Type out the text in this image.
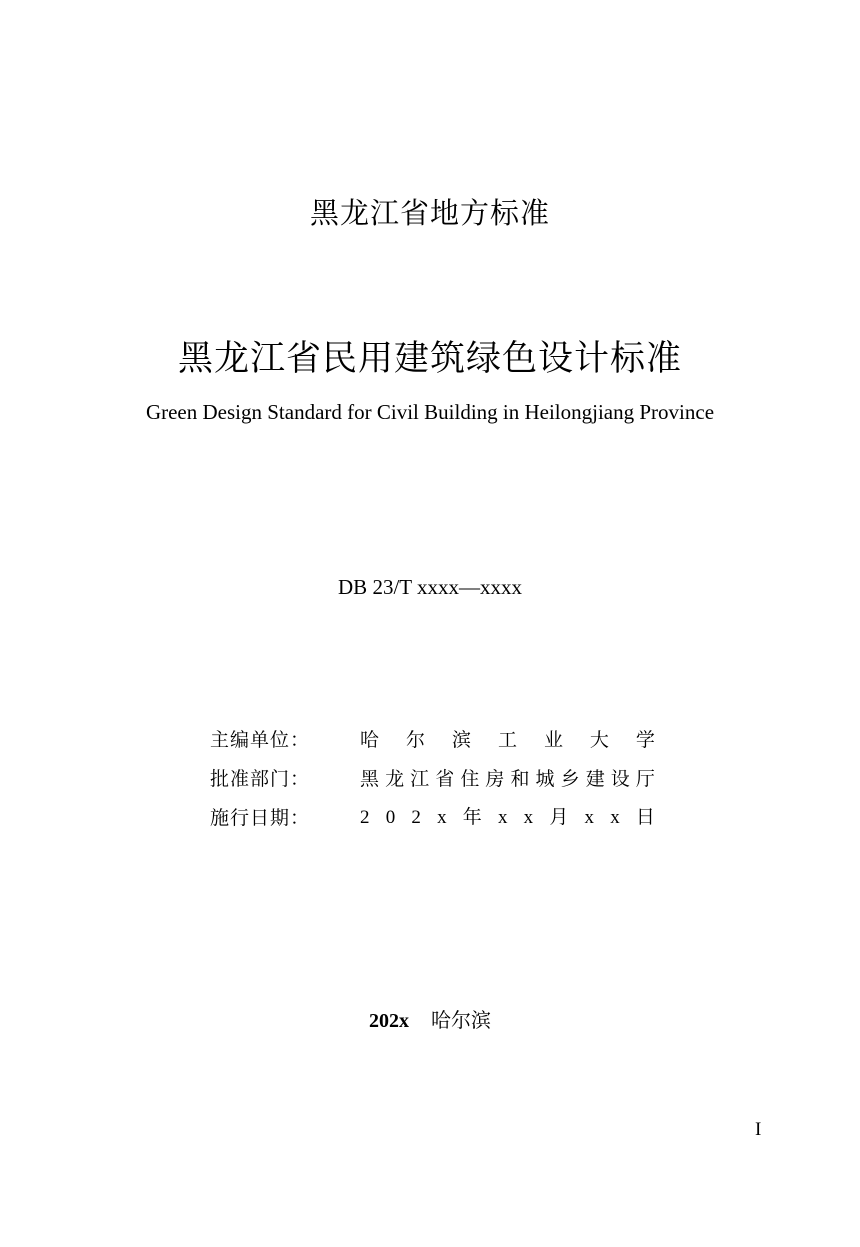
黑龙江省地方标准
黑龙江省民用建筑绿色设计标准
Green Design Standard for Civil Building in Heilongjiang Province
DB 23/T xxxx—xxxx
主编单位：	哈 尔 滨 工 业 大 学
批准部门：	黑 龙 江 省 住 房 和 城 乡 建 设 厅
施行日期：	2 0 2 x 年 x x 月 x x 日
202x 哈尔滨
I
